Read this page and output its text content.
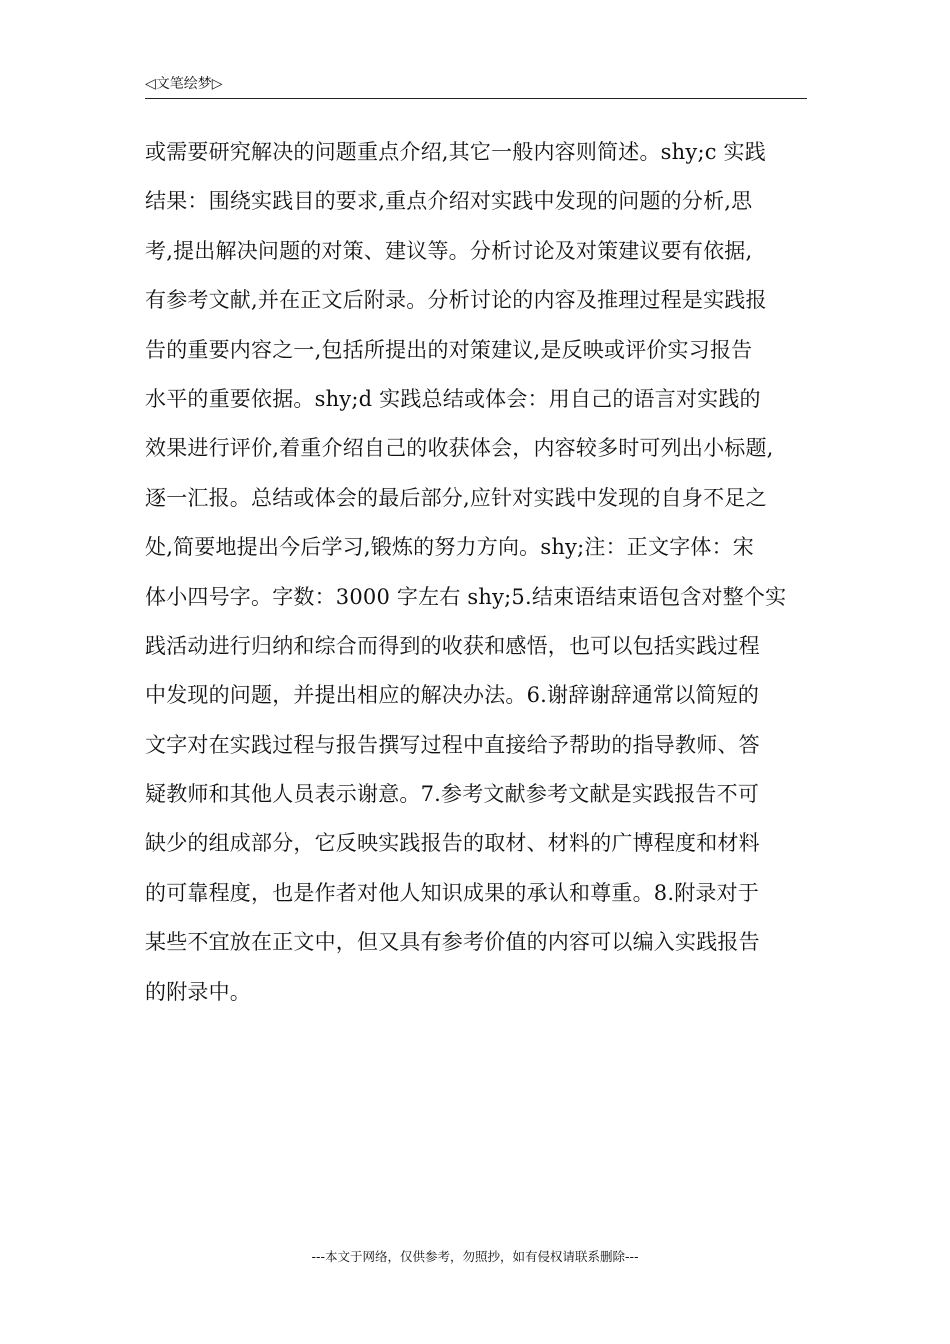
◁文笔绘梦▷
或需要研究解决的问题重点介绍,其它一般内容则简述。shy;c 实践
结果：围绕实践目的要求,重点介绍对实践中发现的问题的分析,思
考,提出解决问题的对策、建议等。分析讨论及对策建议要有依据,
有参考文献,并在正文后附录。分析讨论的内容及推理过程是实践报
告的重要内容之一,包括所提出的对策建议,是反映或评价实习报告
水平的重要依据。shy;d 实践总结或体会：用自己的语言对实践的
效果进行评价,着重介绍自己的收获体会，内容较多时可列出小标题,
逐一汇报。总结或体会的最后部分,应针对实践中发现的自身不足之
处,简要地提出今后学习,锻炼的努力方向。shy;注：正文字体：宋
体小四号字。字数：3000 字左右 shy;5.结束语结束语包含对整个实
践活动进行归纳和综合而得到的收获和感悟，也可以包括实践过程
中发现的问题，并提出相应的解决办法。6.谢辞谢辞通常以简短的
文字对在实践过程与报告撰写过程中直接给予帮助的指导教师、答
疑教师和其他人员表示谢意。7.参考文献参考文献是实践报告不可
缺少的组成部分，它反映实践报告的取材、材料的广博程度和材料
的可靠程度，也是作者对他人知识成果的承认和尊重。8.附录对于
某些不宜放在正文中，但又具有参考价值的内容可以编入实践报告
的附录中。
---本文于网络，仅供参考，勿照抄，如有侵权请联系删除---
